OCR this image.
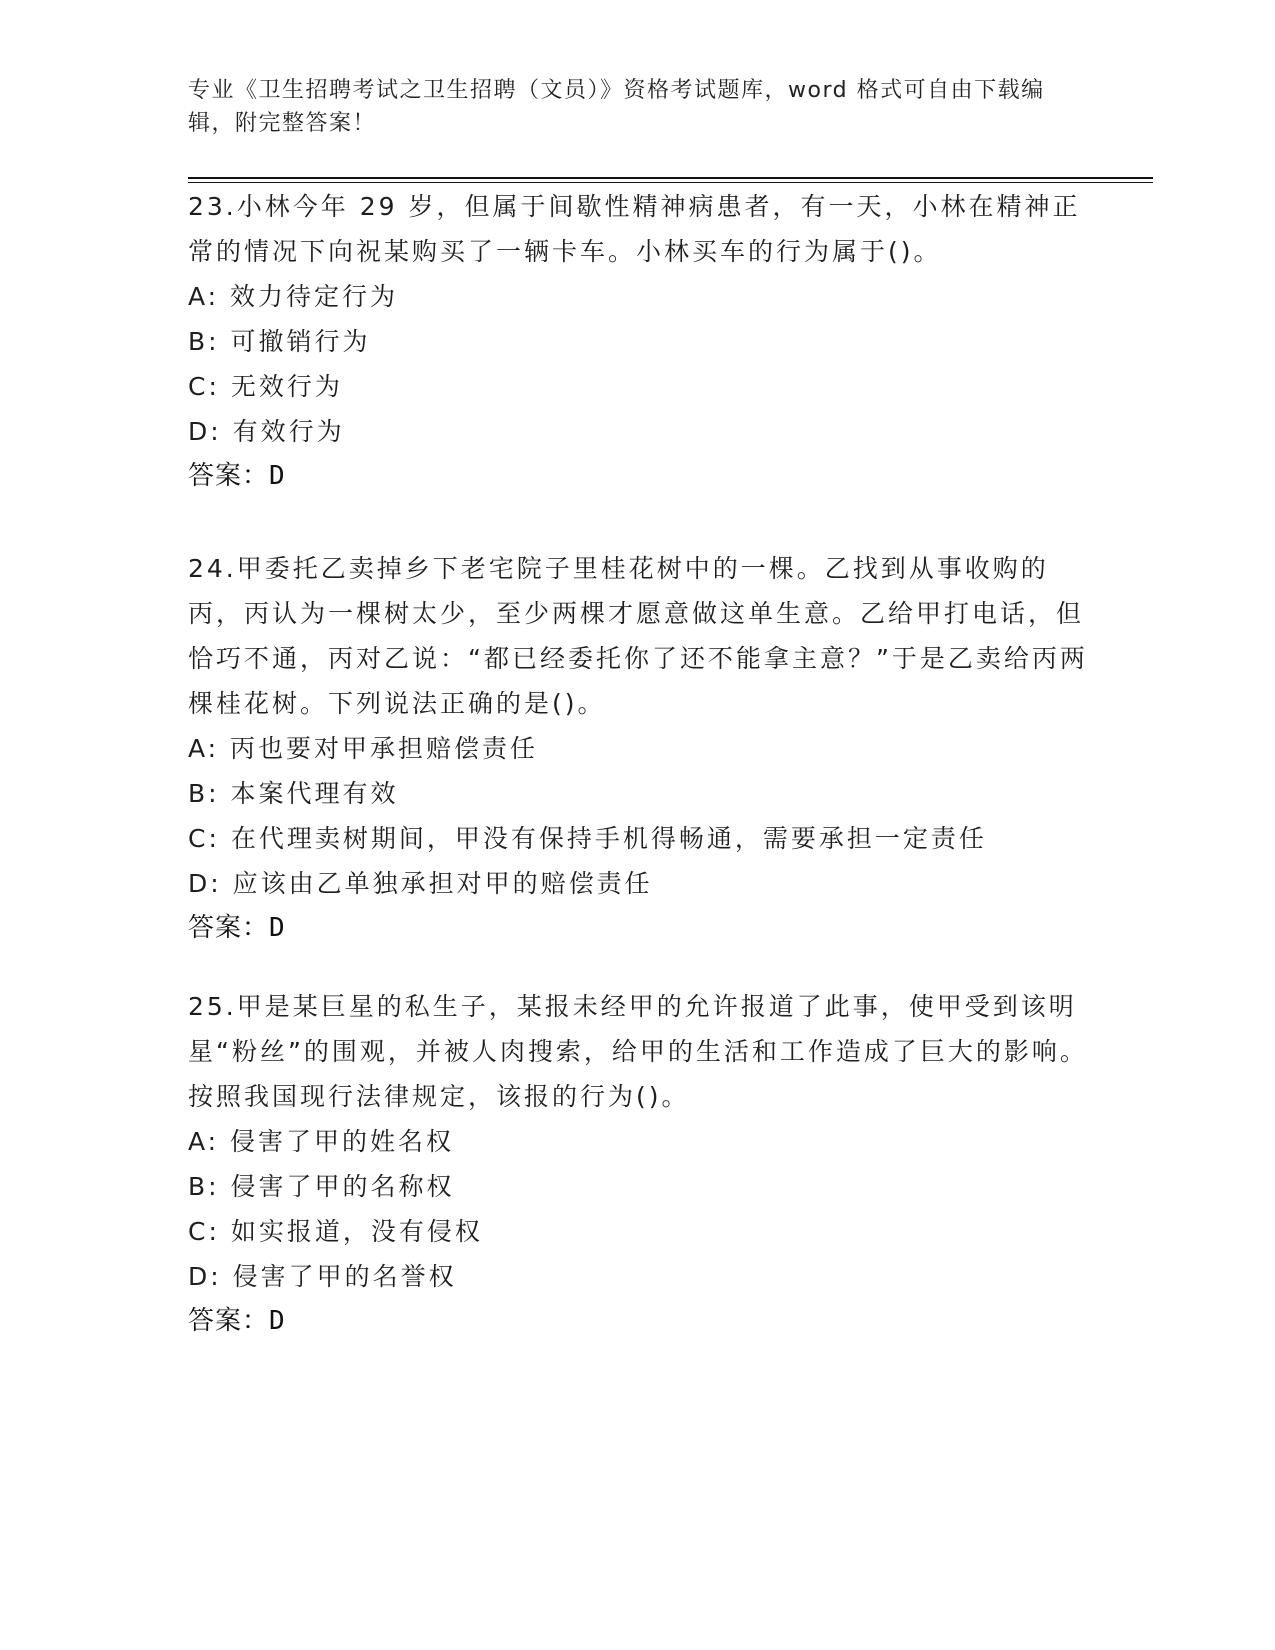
专业《卫生招聘考试之卫生招聘（文员）》资格考试题库，word 格式可自由下载编辑，附完整答案！

23.小林今年 29 岁，但属于间歇性精神病患者，有一天，小林在精神正常的情况下向祝某购买了一辆卡车。小林买车的行为属于()。

A: 效力待定行为

B: 可撤销行为

C: 无效行为

D: 有效行为

答案：D

24.甲委托乙卖掉乡下老宅院子里桂花树中的一棵。乙找到从事收购的丙，丙认为一棵树太少，至少两棵才愿意做这单生意。乙给甲打电话，但恰巧不通，丙对乙说：“都已经委托你了还不能拿主意？”于是乙卖给丙两棵桂花树。下列说法正确的是()。

A: 丙也要对甲承担赔偿责任

B: 本案代理有效

C: 在代理卖树期间，甲没有保持手机得畅通，需要承担一定责任

D: 应该由乙单独承担对甲的赔偿责任

答案：D

25.甲是某巨星的私生子，某报未经甲的允许报道了此事，使甲受到该明星“粉丝”的围观，并被人肉搜索，给甲的生活和工作造成了巨大的影响。按照我国现行法律规定，该报的行为()。

A: 侵害了甲的姓名权

B: 侵害了甲的名称权

C: 如实报道，没有侵权

D: 侵害了甲的名誉权

答案：D
